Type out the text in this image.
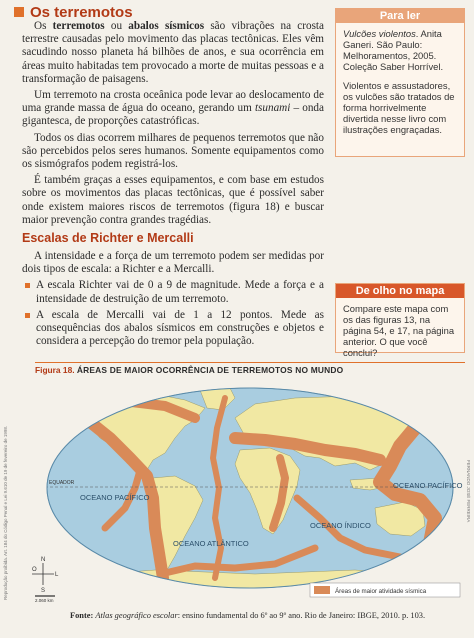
Reprodução proibida. Art. 184 do Código Penal e Lei 9.610 de 19 de fevereiro de 1998.
Os terremotos

Os terremotos ou abalos sísmicos são vibrações na crosta terrestre causadas pelo movimento das placas tectônicas. Eles vêm sacudindo nosso planeta há bilhões de anos, e sua ocorrência em áreas muito habitadas tem provocado a morte de muitas pessoas e a transformação de paisagens.

Um terremoto na crosta oceânica pode levar ao deslocamento de uma grande massa de água do oceano, gerando um tsunami – onda gigantesca, de proporções catastróficas.

Todos os dias ocorrem milhares de pequenos terremotos que não são percebidos pelos seres humanos. Somente equipamentos como os sismógrafos podem registrá-los.

É também graças a esses equipamentos, e com base em estudos sobre os movimentos das placas tectônicas, que é possível saber onde existem maiores riscos de terremotos (figura 18) e buscar maior prevenção contra grandes tragédias.

Escalas de Richter e Mercalli

A intensidade e a força de um terremoto podem ser medidas por dois tipos de escala: a Richter e a Mercalli.

A escala Richter vai de 0 a 9 de magnitude. Mede a força e a intensidade de destruição de um terremoto.
A escala de Mercalli vai de 1 a 12 pontos. Mede as consequências dos abalos sísmicos em construções e objetos e considera a percepção do tremor pela população.
Para ler

Vulcões violentos. Anita Ganeri. São Paulo: Melhoramentos, 2005. Coleção Saber Horrível.

Violentos e assustadores, os vulcões são tratados de forma horrivelmente divertida nesse livro com ilustrações engraçadas.

De olho no mapa
Compare este mapa com os das figuras 13, na página 54, e 17, na página anterior. O que você conclui?
Figura 18. ÁREAS DE MAIOR OCORRÊNCIA DE TERREMOTOS NO MUNDO
EQUADOR
OCEANO PACÍFICO
OCEANO ATLÂNTICO
OCEANO ÍNDICO
OCEANO PACÍFICO
N
S
L
O
2.060 km
Áreas de maior atividade sísmica
FERNANDO JOSÉ FERREIRA
Fonte: Atlas geográfico escolar: ensino fundamental do 6º ao 9º ano. Rio de Janeiro: IBGE, 2010. p. 103.
